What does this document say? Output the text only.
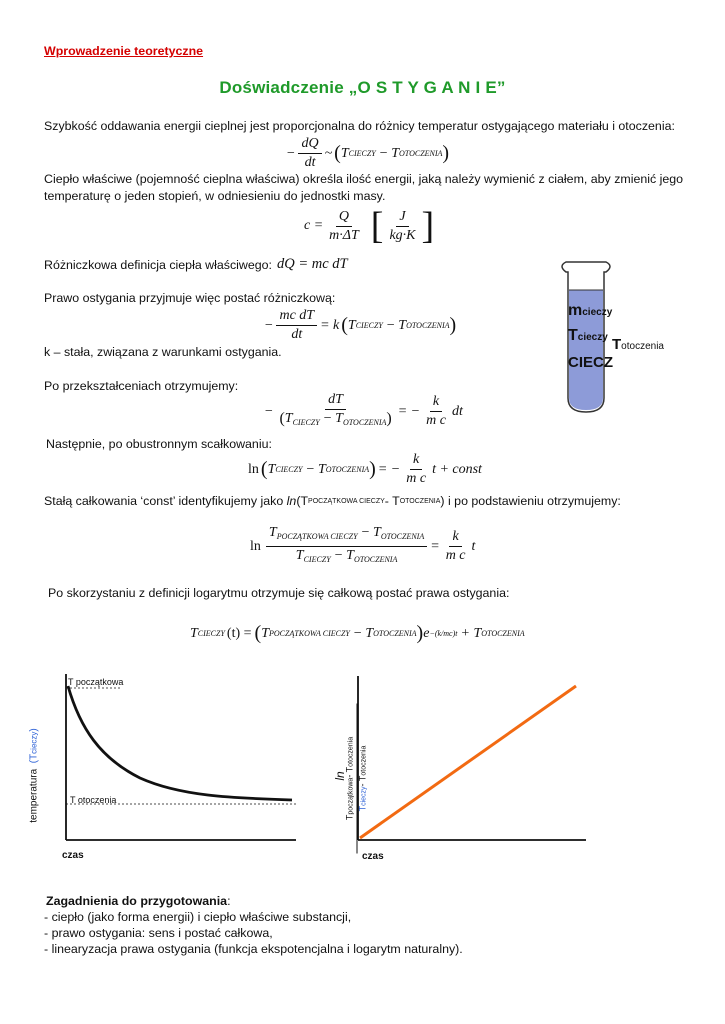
Wprowadzenie teoretyczne
Doświadczenie „O S T Y G A N I E”
Szybkość oddawania energii cieplnej jest proporcjonalna do różnicy temperatur ostygającego materiału i otoczenia:
− $\frac{dQ}{dt}$ ~ ( T CIECZY − T OTOCZENIA )
Ciepło właściwe (pojemność cieplna właściwa) określa ilość energii, jaką należy wymienić z ciałem, aby zmienić jego
temperaturę o jeden stopień, w odniesieniu do jednostki masy.
$c = \frac{Q}{m\cdot\Delta T}$ [ $\frac{J}{kg\cdot K}$ ]
Różniczkowa definicja ciepła właściwego: dQ = mc dT
Prawo ostygania przyjmuje więc postać różniczkową:
− $\frac{\text{mc dT}}{dt} = k$ ( T CIECZY − T OTOCZENIA )
k – stała, związana z warunkami ostygania.
Po przekształceniach otrzymujemy:
− $\frac{dT}{(T_{CIECZY} - T_{OTOCZENIA})}$ = − $\frac{k}{\text{m c}}$ dt
Następnie, po obustronnym scałkowaniu:
ln ( T CIECZY − T OTOCZENIA ) = − $\frac{k}{\text{m c}}$ t + const
Stałą całkowania ‘const’ identyfikujemy jako
ln (T POCZĄTKOWA CIECZY - T OTOCZENIA ) i po podstawieniu otrzymujemy:
$\ln \frac{T_{POCZĄTKOWA CIECZY} - T_{OTOCZENIA}}{T_{CIECZY} - T_{OTOCZENIA}} = \frac{k}{\text{m c}}$ t
Po skorzystaniu z definicji logarytmu otrzymuje się całkową postać prawa ostygania:
T CIECZY (t) = ( T POCZĄTKOWA CIECZY − T OTOCZENIA ) e −(k/mc)t + T OTOCZENIA
mcieczy
Tcieczy
CIECZ
Totoczenia
T początkowa
T otoczenia
czas
temperatura  (Tcieczy)
czas
ln
Tpoczątkowa- Totoczenia
Tcieczy- Totoczenia
Zagadnienia do przygotowania:
- ciepło (jako forma energii) i ciepło właściwe substancji,
- prawo ostygania: sens i postać całkowa,
- linearyzacja prawa ostygania (funkcja ekspotencjalna i logarytm naturalny).
